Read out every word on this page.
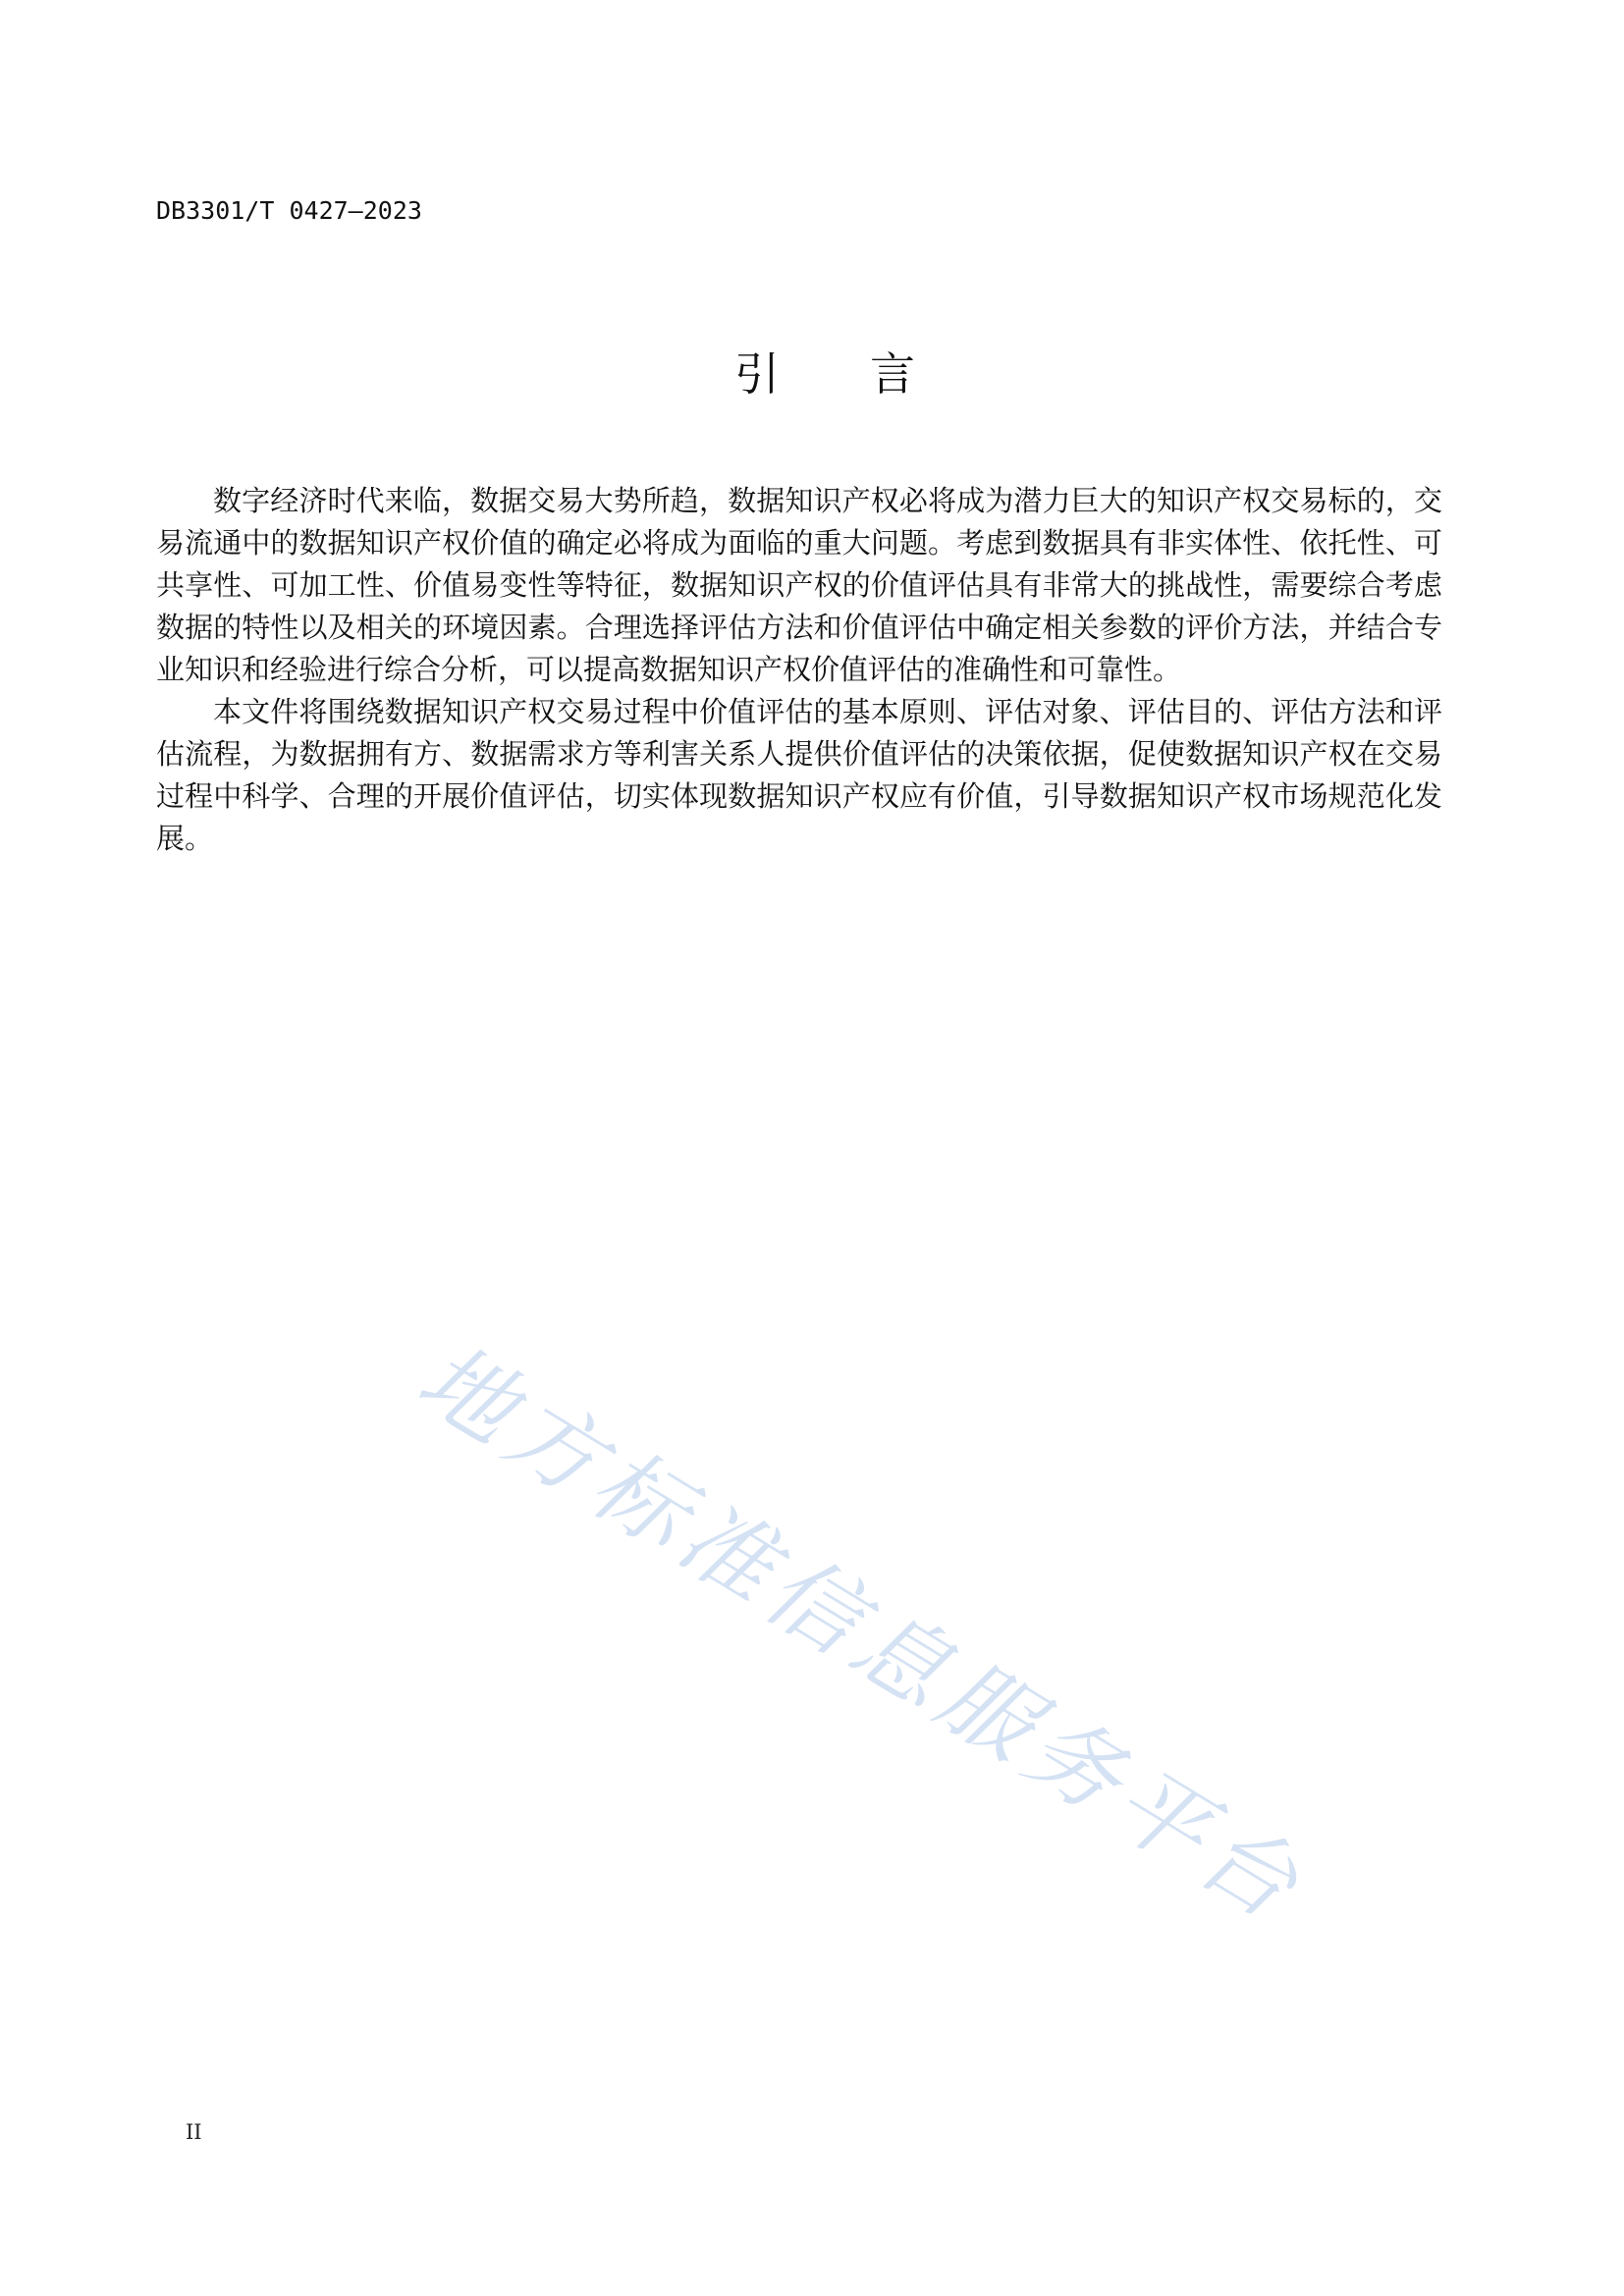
DB3301/T 0427—2023
引　　言

数字经济时代来临，数据交易大势所趋，数据知识产权必将成为潜力巨大的知识产权交易标的，交易流通中的数据知识产权价值的确定必将成为面临的重大问题。考虑到数据具有非实体性、依托性、可共享性、可加工性、价值易变性等特征，数据知识产权的价值评估具有非常大的挑战性，需要综合考虑数据的特性以及相关的环境因素。合理选择评估方法和价值评估中确定相关参数的评价方法，并结合专业知识和经验进行综合分析，可以提高数据知识产权价值评估的准确性和可靠性。

本文件将围绕数据知识产权交易过程中价值评估的基本原则、评估对象、评估目的、评估方法和评估流程，为数据拥有方、数据需求方等利害关系人提供价值评估的决策依据，促使数据知识产权在交易过程中科学、合理的开展价值评估，切实体现数据知识产权应有价值，引导数据知识产权市场规范化发展。

地方标准信息服务平台
II
